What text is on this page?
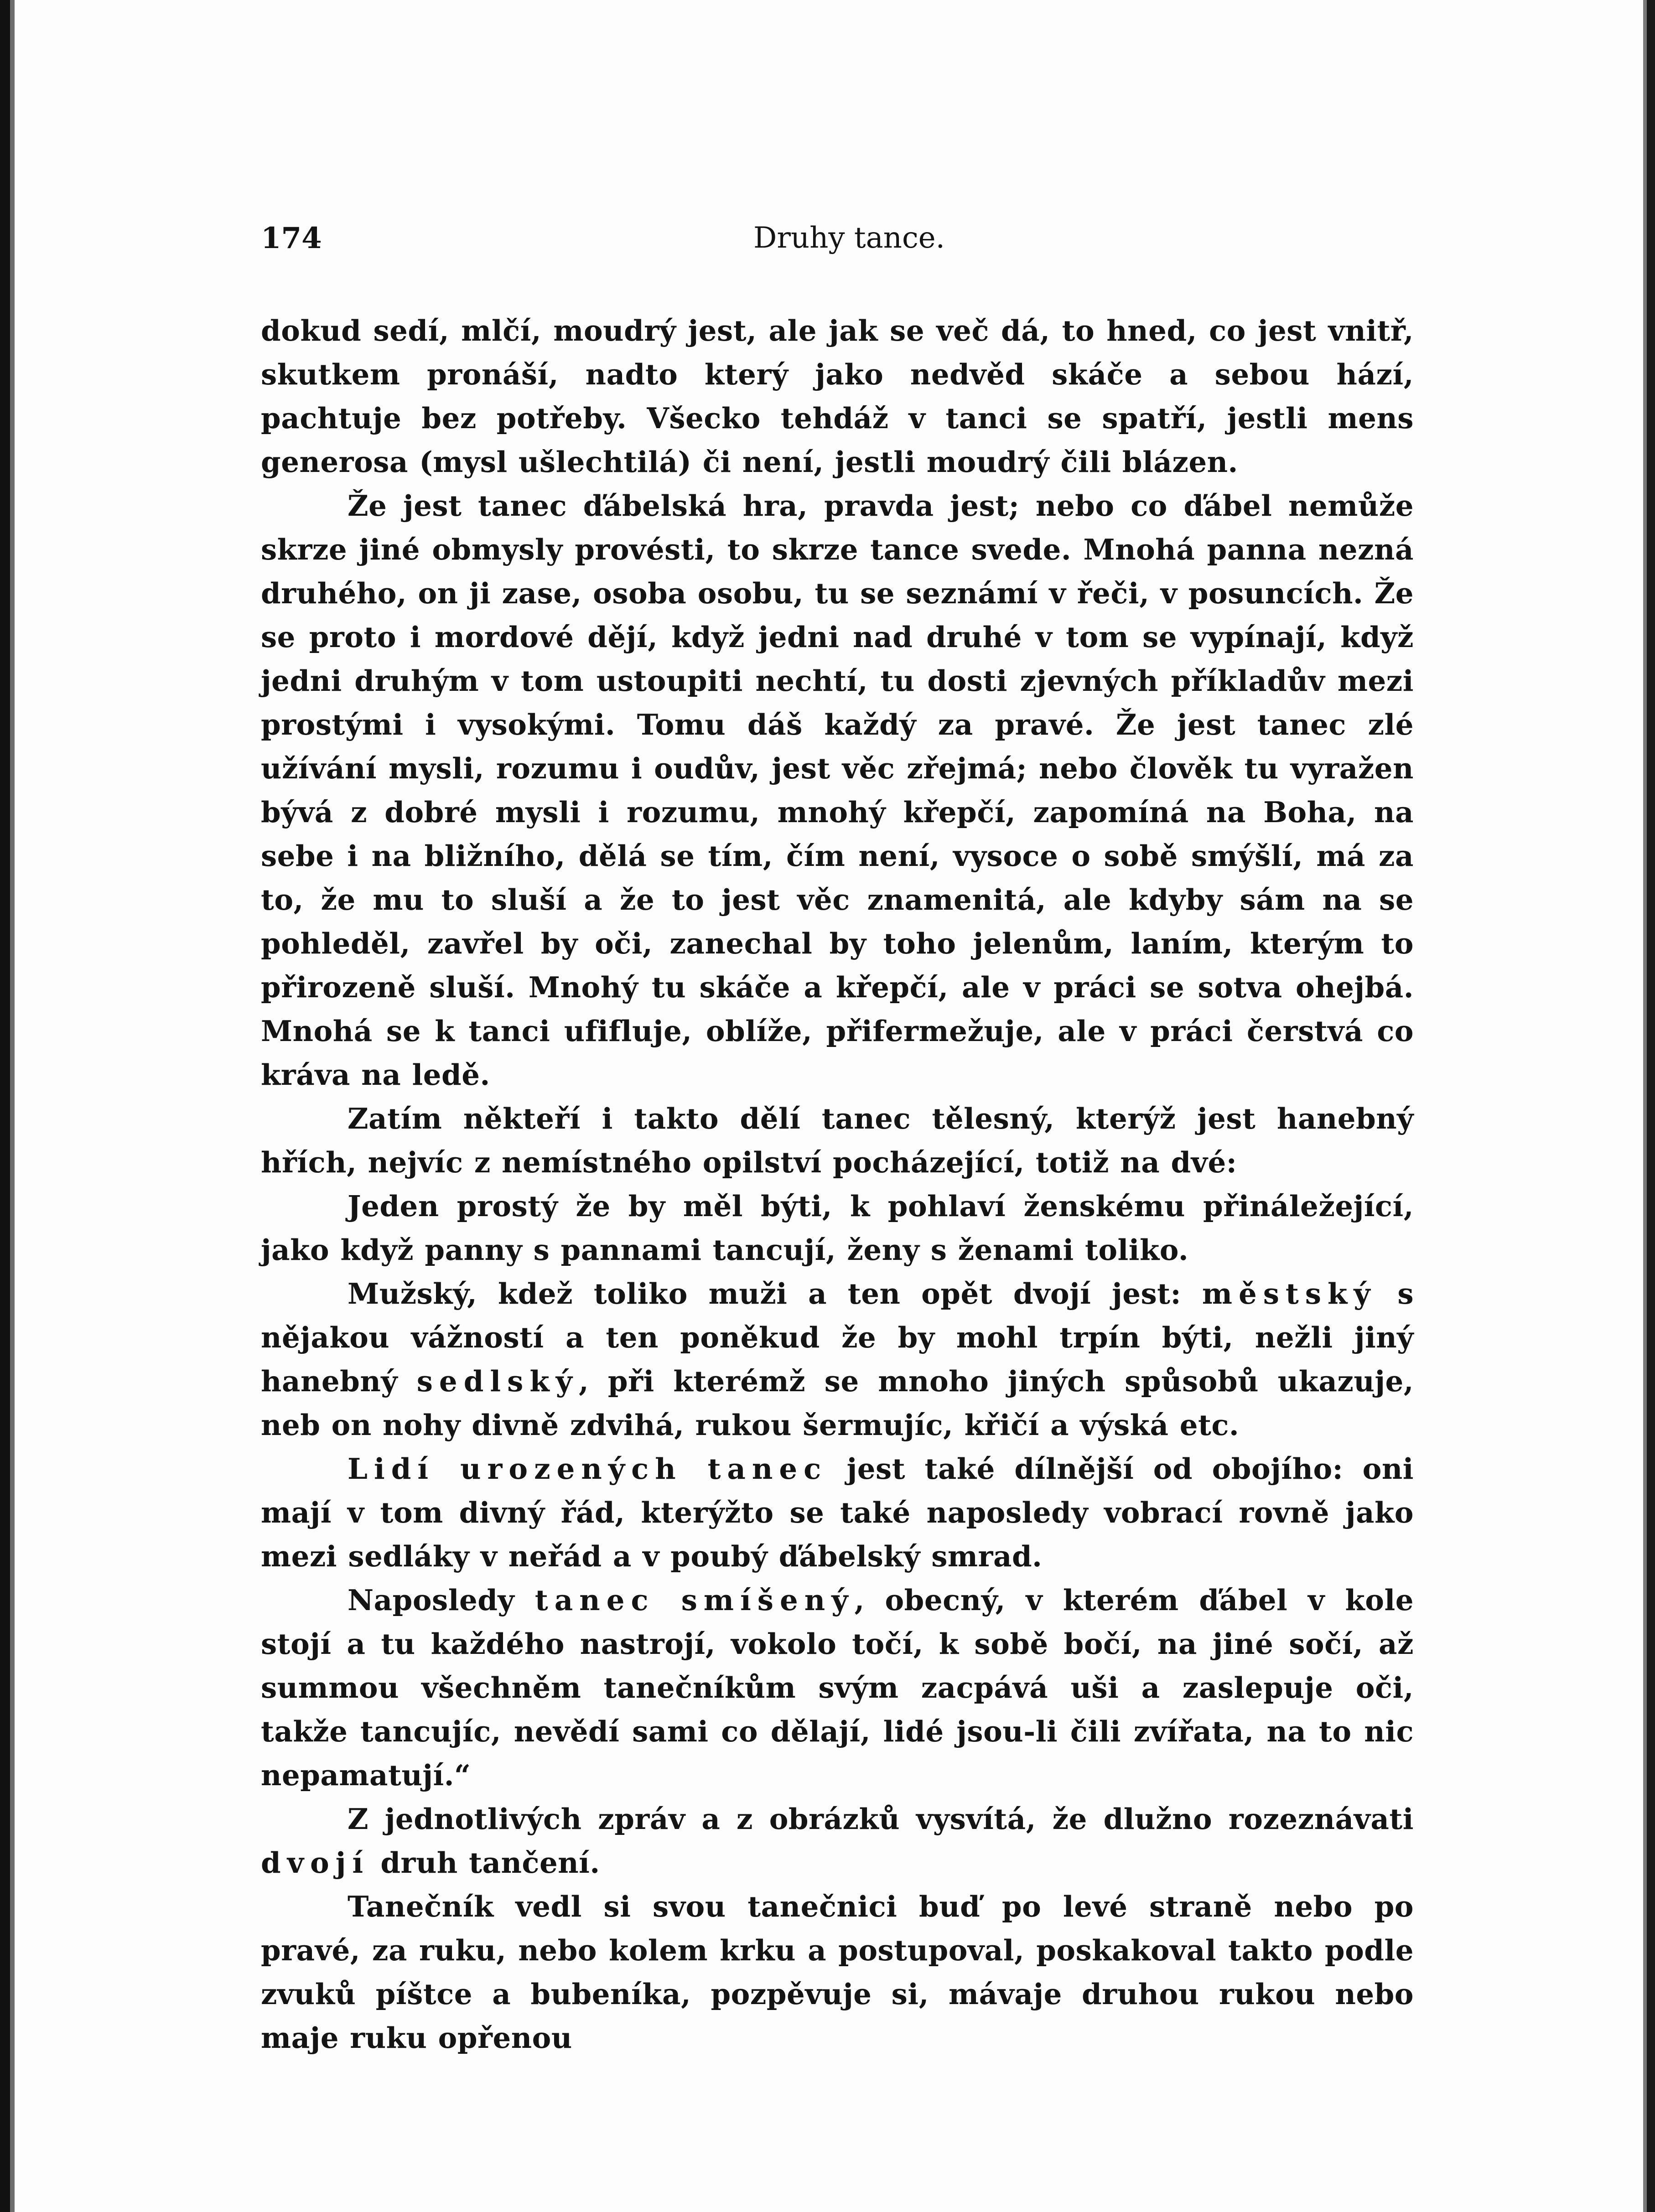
174	Druhy tance.

dokud sedí, mlčí, moudrý jest, ale jak se več dá, to hned, co jest vnitř, skutkem pronáší, nadto který jako nedvěd skáče a sebou hází, pachtuje bez potřeby. Všecko tehdáž v tanci se spatří, jestli mens generosa (mysl ušlechtilá) či není, jestli moudrý čili blázen.

Že jest tanec ďábelská hra, pravda jest; nebo co ďábel nemůže skrze jiné obmysly provésti, to skrze tance svede. Mnohá panna nezná druhého, on ji zase, osoba osobu, tu se seznámí v řeči, v posuncích. Že se proto i mordové dějí, když jedni nad druhé v tom se vypínají, když jedni druhým v tom ustoupiti nechtí, tu dosti zjevných příkladův mezi prostými i vysokými. Tomu dáš každý za pravé. Že jest tanec zlé užívání mysli, rozumu i oudův, jest věc zřejmá; nebo člověk tu vyražen bývá z dobré mysli i rozumu, mnohý křepčí, zapomíná na Boha, na sebe i na bližního, dělá se tím, čím není, vysoce o sobě smýšlí, má za to, že mu to sluší a že to jest věc znamenitá, ale kdyby sám na se pohleděl, zavřel by oči, zanechal by toho jelenům, laním, kterým to přirozeně sluší. Mnohý tu skáče a křepčí, ale v práci se sotva ohejbá. Mnohá se k tanci ufifluje, oblíže, přifermežuje, ale v práci čerstvá co kráva na ledě.

Zatím někteří i takto dělí tanec tělesný, kterýž jest hanebný hřích, nejvíc z nemístného opilství pocházející, totiž na dvé:

Jeden prostý že by měl býti, k pohlaví ženskému přináležející, jako když panny s pannami tancují, ženy s ženami toliko.

Mužský, kdež toliko muži a ten opět dvojí jest: městský s nějakou vážností a ten poněkud že by mohl trpín býti, nežli jiný hanebný sedlský, při kterémž se mnoho jiných spůsobů ukazuje, neb on nohy divně zdvihá, rukou šermujíc, křičí a výská etc.

Lidí urozených tanec jest také dílnější od obojího: oni mají v tom divný řád, kterýžto se také naposledy vobrací rovně jako mezi sedláky v neřád a v poubý ďábelský smrad.

Naposledy tanec smíšený, obecný, v kterém ďábel v kole stojí a tu každého nastrojí, vokolo točí, k sobě bočí, na jiné sočí, až summou všechněm tanečníkům svým zacpává uši a zaslepuje oči, takže tancujíc, nevědí sami co dělají, lidé jsou-li čili zvířata, na to nic nepamatují.“

Z jednotlivých zpráv a z obrázků vysvítá, že dlužno rozeznávati dvojí druh tančení.

Tanečník vedl si svou tanečnici buď po levé straně nebo po pravé, za ruku, nebo kolem krku a postupoval, poskakoval takto podle zvuků píštce a bubeníka, pozpěvuje si, mávaje druhou rukou nebo maje ruku opřenou
